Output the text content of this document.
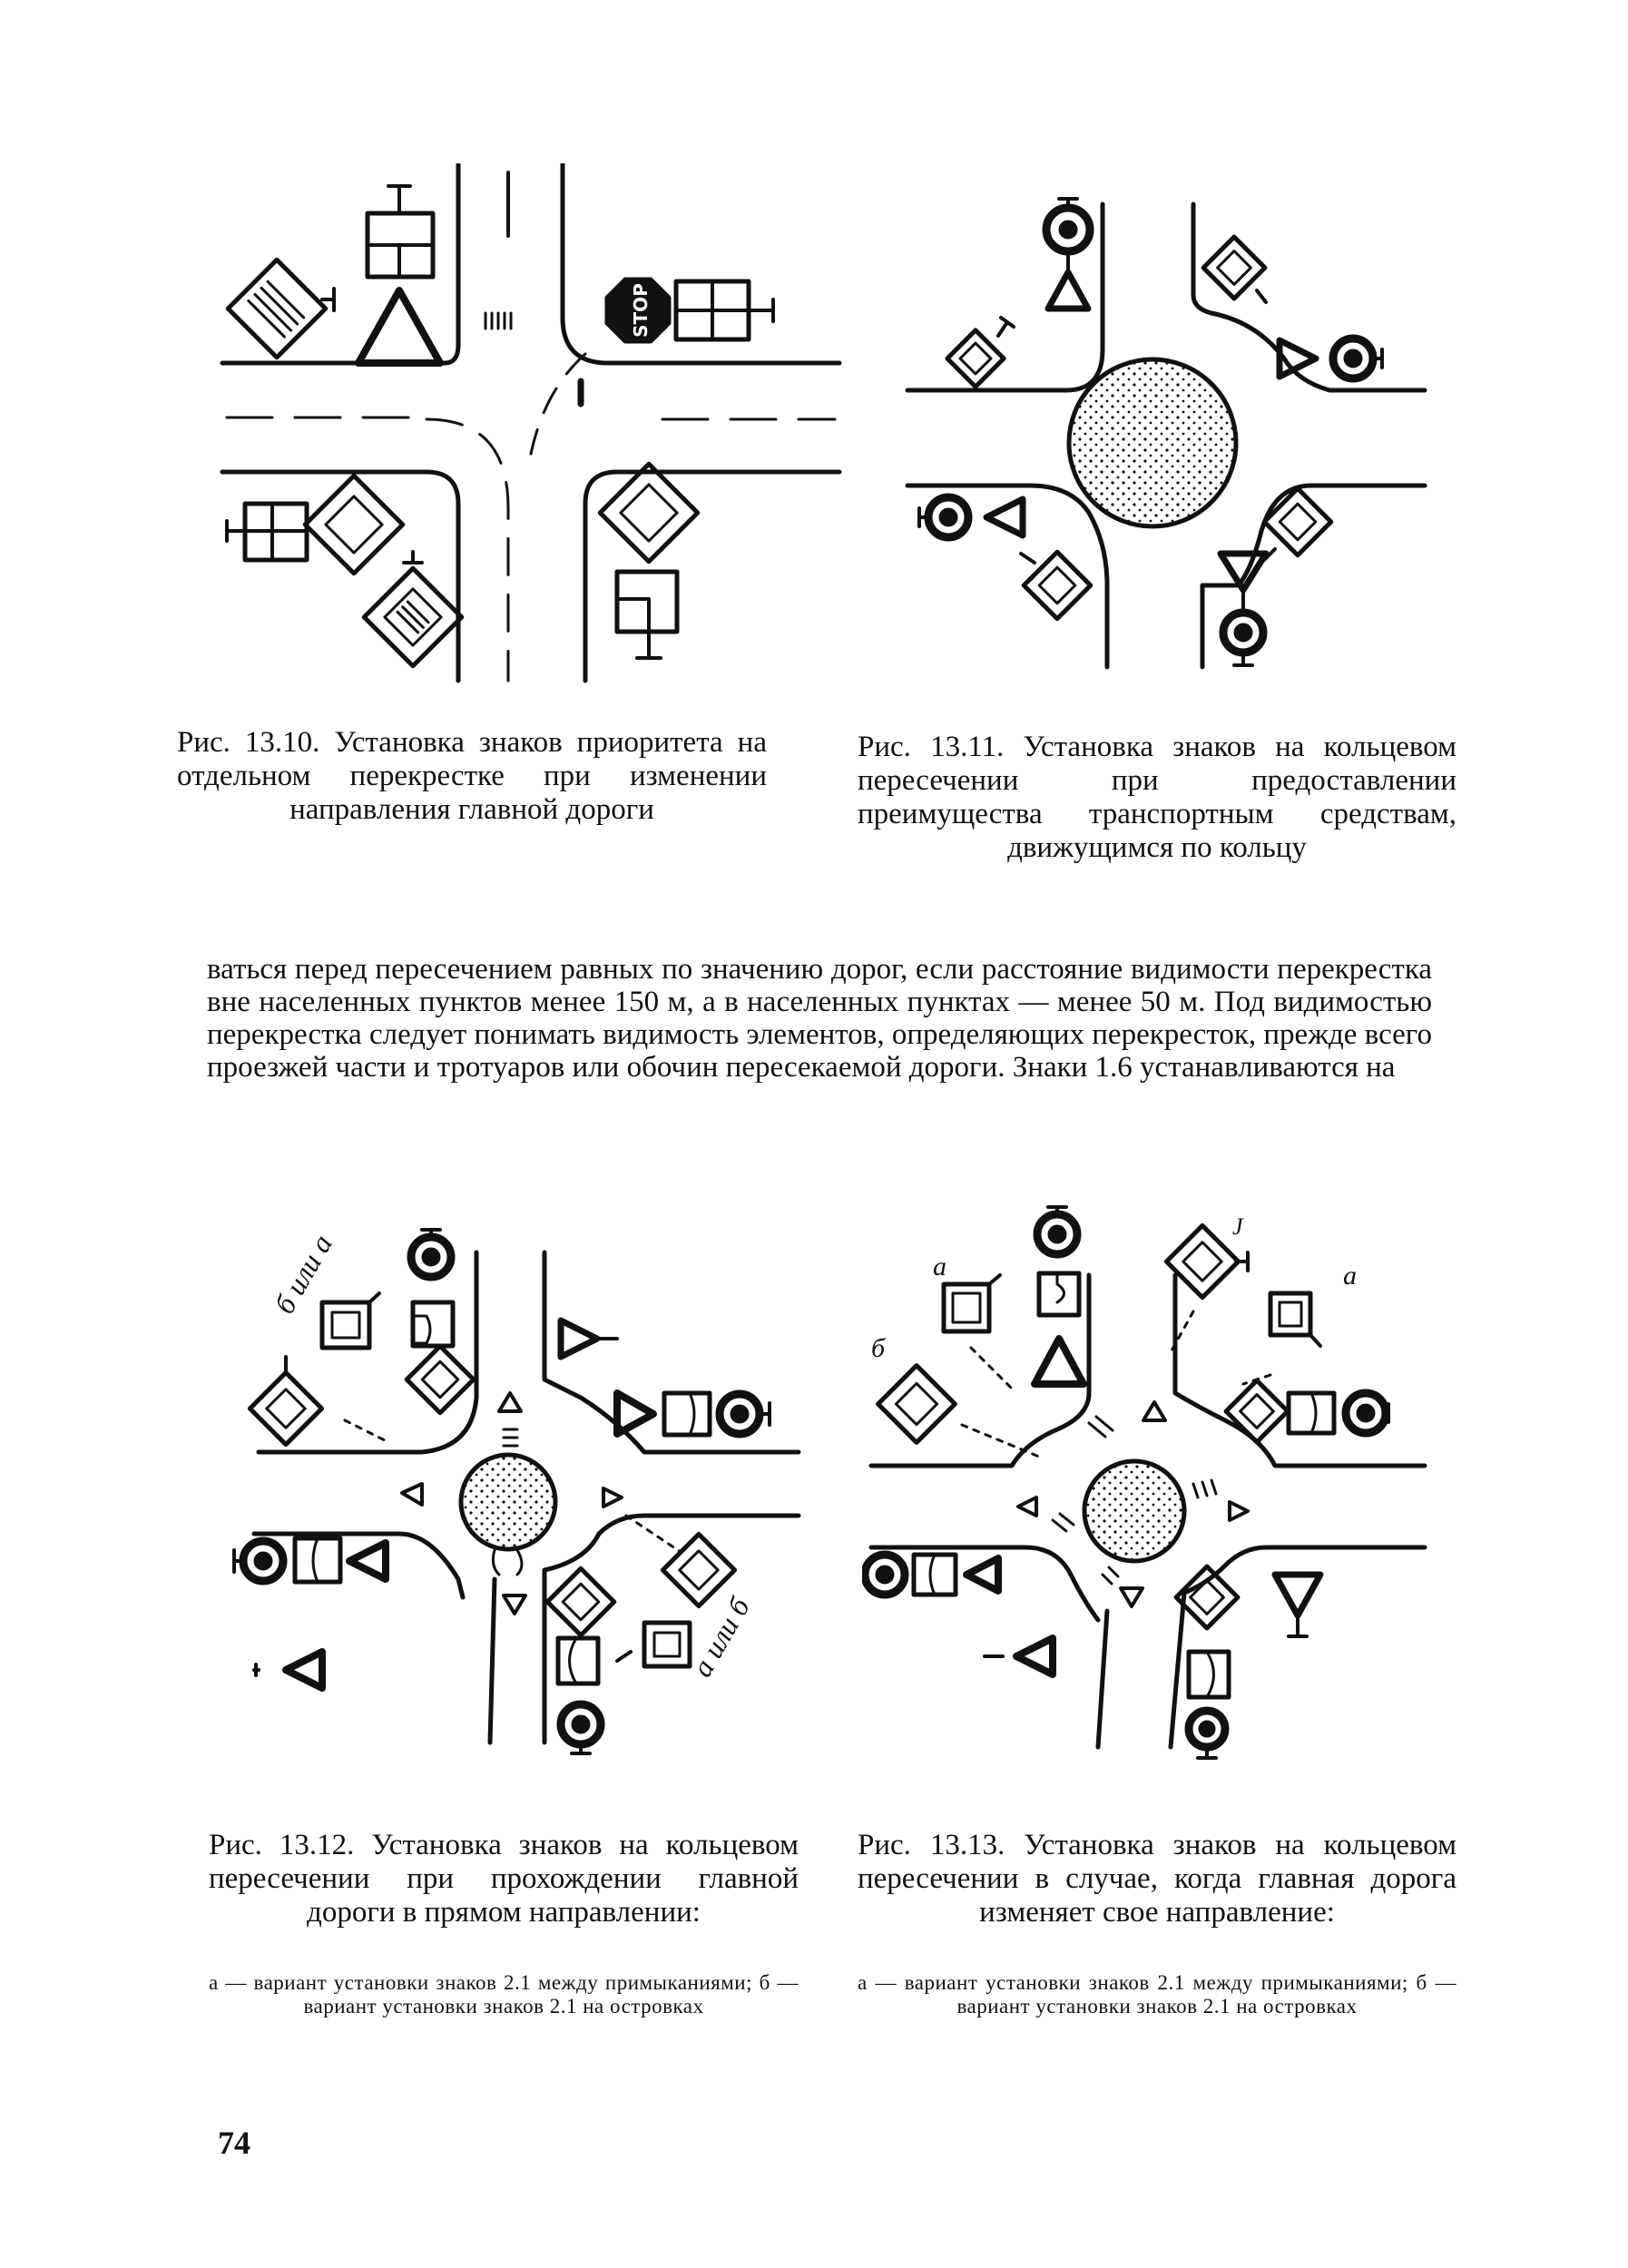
STOP
Рис. 13.10. Установка знаков приоритета на отдельном перекрестке при изменении направления главной дороги
Рис. 13.11. Установка знаков на кольцевом пересечении при предоставлении преимущества транспортным средствам, движущимся по кольцу

ваться перед пересечением равных по значению дорог, если расстояние видимости перекрестка вне населенных пунктов менее 150 м, а в населенных пунктах — менее 50 м. Под видимостью перекрестка следует понимать видимость элементов, определяющих перекресток, прежде всего проезжей части и тротуаров или обочин пересекаемой дороги. Знаки 1.6 устанавливаются на

б или а
а или б
Рис. 13.12. Установка знаков на кольцевом пересечении при прохождении главной дороги в прямом направлении:
а — вариант установки знаков 2.1 между примыканиями; б — вариант установки знаков 2.1 на островках
а
б
J
а
Рис. 13.13. Установка знаков на кольцевом пересечении в случае, когда главная дорога изменяет свое направление:
а — вариант установки знаков 2.1 между примыканиями; б — вариант установки знаков 2.1 на островках
74
